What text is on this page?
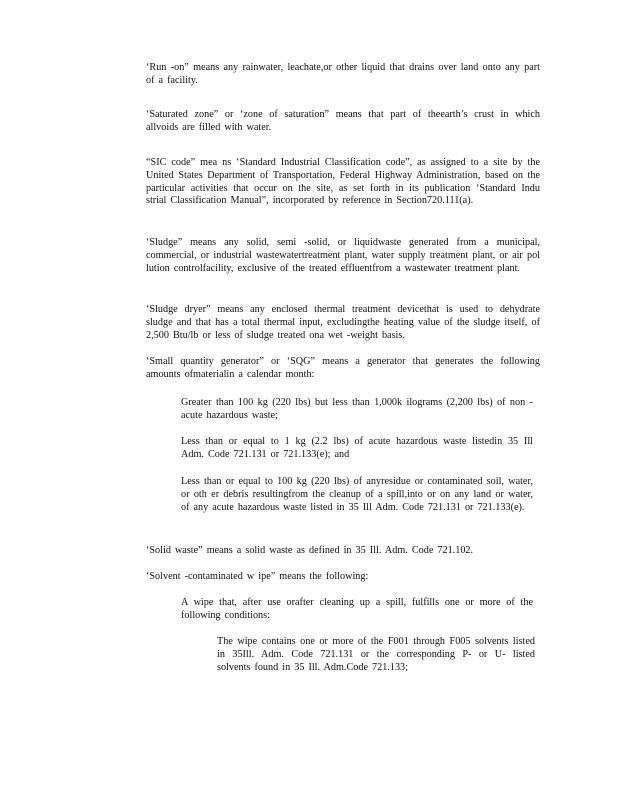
‘Run -on” means any rainwater, leachate,or other liquid that drains over land onto any part of a facility.

‘Saturated zone” or ‘zone of saturation” means that part of theearth’s crust in which allvoids are filled with water.

“SIC code” mea ns ‘Standard Industrial Classification code”, as assigned to a site by the United States Department of Transportation, Federal Highway Administration, based on the particular activities that occur on the site, as set forth in its publication ‘Standard Indu strial Classification Manual”, incorporated by reference in Section720.111(a).

‘Sludge” means any solid, semi -solid, or liquidwaste generated from a municipal, commercial, or industrial wastewatertreatment plant, water supply treatment plant, or air pol lution controlfacility, exclusive of the treated effluentfrom a wastewater treatment plant.

‘Sludge dryer” means any enclosed thermal treatment devicethat is used to dehydrate sludge and that has a total thermal input, excludingthe heating value of the sludge itself, of 2,500 Btu/lb or less of sludge treated ona wet -weight basis.

‘Small quantity generator” or ‘SQG” means a generator that generates the following amounts ofmaterialin a calendar month:

Greater than 100 kg (220 lbs) but less than 1,000k ilograms (2,200 lbs) of non -acute hazardous waste;

Less than or equal to 1 kg (2.2 lbs) of acute hazardous waste listedin 35 Ill Adm. Code 721.131 or 721.133(e); and

Less than or equal to 100 kg (220 lbs) of anyresidue or contaminated soil, water, or oth er debris resultingfrom the cleanup of a spill,into or on any land or water, of any acute hazardous waste listed in 35 Ill Adm. Code 721.131 or 721.133(e).

‘Solid waste” means a solid waste as defined in 35 Ill. Adm. Code 721.102.

‘Solvent -contaminated w ipe” means the following:

A wipe that, after use orafter cleaning up a spill, fulfills one or more of the following conditions:

The wipe contains one or more of the F001 through F005 solvents listed in 35Ill. Adm. Code 721.131 or the corresponding P- or U- listed solvents found in 35 Ill. Adm.Code 721.133;
